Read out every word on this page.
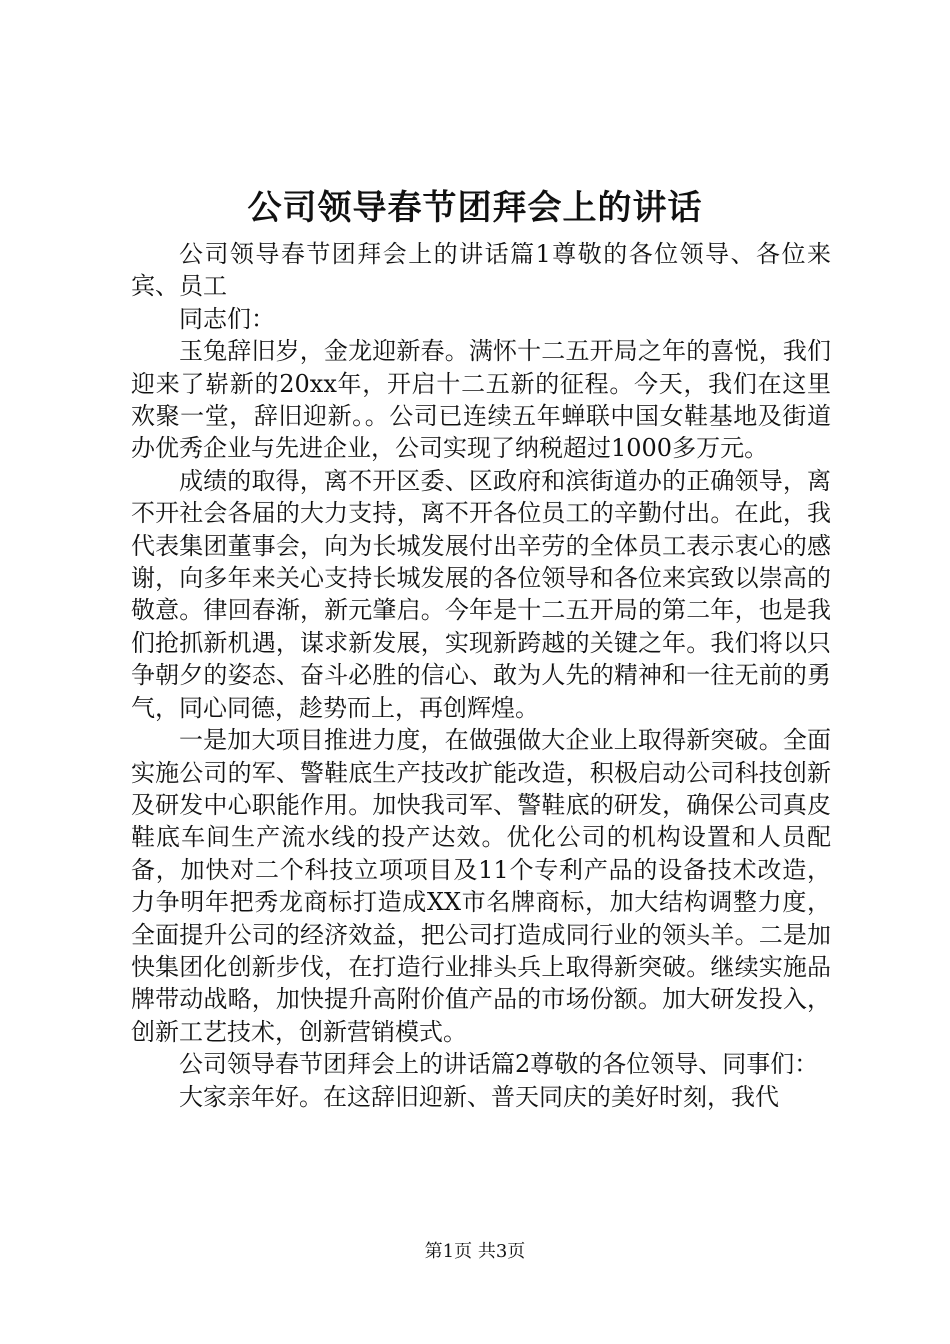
公司领导春节团拜会上的讲话

公司领导春节团拜会上的讲话篇1尊敬的各位领导、各位来宾、员工

同志们：

玉兔辞旧岁，金龙迎新春。满怀十二五开局之年的喜悦，我们迎来了崭新的20xx年，开启十二五新的征程。今天，我们在这里欢聚一堂，辞旧迎新。。公司已连续五年蝉联中国女鞋基地及街道办优秀企业与先进企业，公司实现了纳税超过1000多万元。

成绩的取得，离不开区委、区政府和滨街道办的正确领导，离不开社会各届的大力支持，离不开各位员工的辛勤付出。在此，我代表集团董事会，向为长城发展付出辛劳的全体员工表示衷心的感谢，向多年来关心支持长城发展的各位领导和各位来宾致以崇高的敬意。律回春渐，新元肇启。今年是十二五开局的第二年，也是我们抢抓新机遇，谋求新发展，实现新跨越的关键之年。我们将以只争朝夕的姿态、奋斗必胜的信心、敢为人先的精神和一往无前的勇气，同心同德，趁势而上，再创辉煌。

一是加大项目推进力度，在做强做大企业上取得新突破。全面实施公司的军、警鞋底生产技改扩能改造，积极启动公司科技创新及研发中心职能作用。加快我司军、警鞋底的研发，确保公司真皮鞋底车间生产流水线的投产达效。优化公司的机构设置和人员配备，加快对二个科技立项项目及11个专利产品的设备技术改造，力争明年把秀龙商标打造成XX市名牌商标，加大结构调整力度，全面提升公司的经济效益，把公司打造成同行业的领头羊。二是加快集团化创新步伐，在打造行业排头兵上取得新突破。继续实施品牌带动战略，加快提升高附价值产品的市场份额。加大研发投入，创新工艺技术，创新营销模式。

公司领导春节团拜会上的讲话篇2尊敬的各位领导、同事们：

大家亲年好。在这辞旧迎新、普天同庆的美好时刻，我代

第1页 共3页
